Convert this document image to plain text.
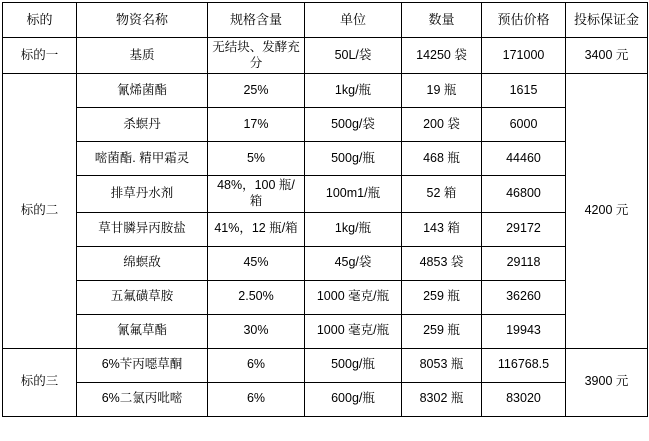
标的	物资名称	规格含量	单位	数量	预估价格	投标保证金
标的一	基质	无结块、发酵充分	50L/袋	14250 袋	171000	3400 元
标的二	氰烯菌酯	25%	1kg/瓶	19 瓶	1615	4200 元
	杀螟丹	17%	500g/袋	200 袋	6000	
	嘧菌酯. 精甲霜灵	5%	500g/瓶	468 瓶	44460	
	排草丹水剂	48%，100 瓶/箱	100m1/瓶	52 箱	46800	
	草甘膦异丙胺盐	41%，12 瓶/箱	1kg/瓶	143 箱	29172	
	绵螟敌	45%	45g/袋	4853 袋	29118	
	五氟磺草胺	2.50%	1000 毫克/瓶	259 瓶	36260	
	氰氟草酯	30%	1000 毫克/瓶	259 瓶	19943	
标的三	6%苄丙噁草酮	6%	500g/瓶	8053 瓶	116768.5	3900 元
	6%二氯丙吡嘧	6%	600g/瓶	8302 瓶	83020	
